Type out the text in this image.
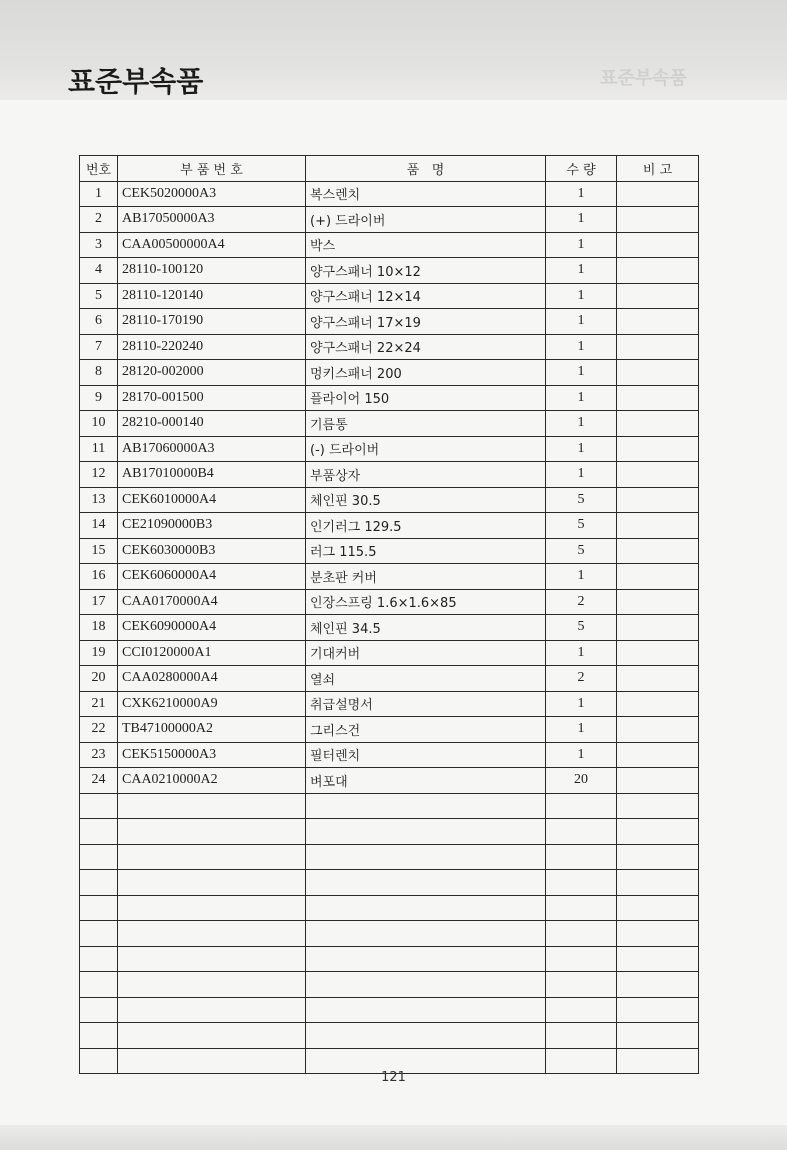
표준부속품	표준부속품
번호	부 품 번 호	품   명	수 량	비 고
1	CEK5020000A3	복스렌치	1	
2	AB17050000A3	(+) 드라이버	1	
3	CAA00500000A4	박스	1	
4	28110-100120	양구스패너 10×12	1	
5	28110-120140	양구스패너 12×14	1	
6	28110-170190	양구스패너 17×19	1	
7	28110-220240	양구스패너 22×24	1	
8	28120-002000	멍키스패너 200	1	
9	28170-001500	플라이어 150	1	
10	28210-000140	기름통	1	
11	AB17060000A3	(-) 드라이버	1	
12	AB17010000B4	부품상자	1	
13	CEK6010000A4	체인핀 30.5	5	
14	CE21090000B3	인기러그 129.5	5	
15	CEK6030000B3	러그 115.5	5	
16	CEK6060000A4	분초판 커버	1	
17	CAA0170000A4	인장스프링 1.6×1.6×85	2	
18	CEK6090000A4	체인핀 34.5	5	
19	CCI0120000A1	기대커버	1	
20	CAA0280000A4	열쇠	2	
21	CXK6210000A9	취급설명서	1	
22	TB47100000A2	그리스건	1	
23	CEK5150000A3	필터렌치	1	
24	CAA0210000A2	벼포대	20	

121
